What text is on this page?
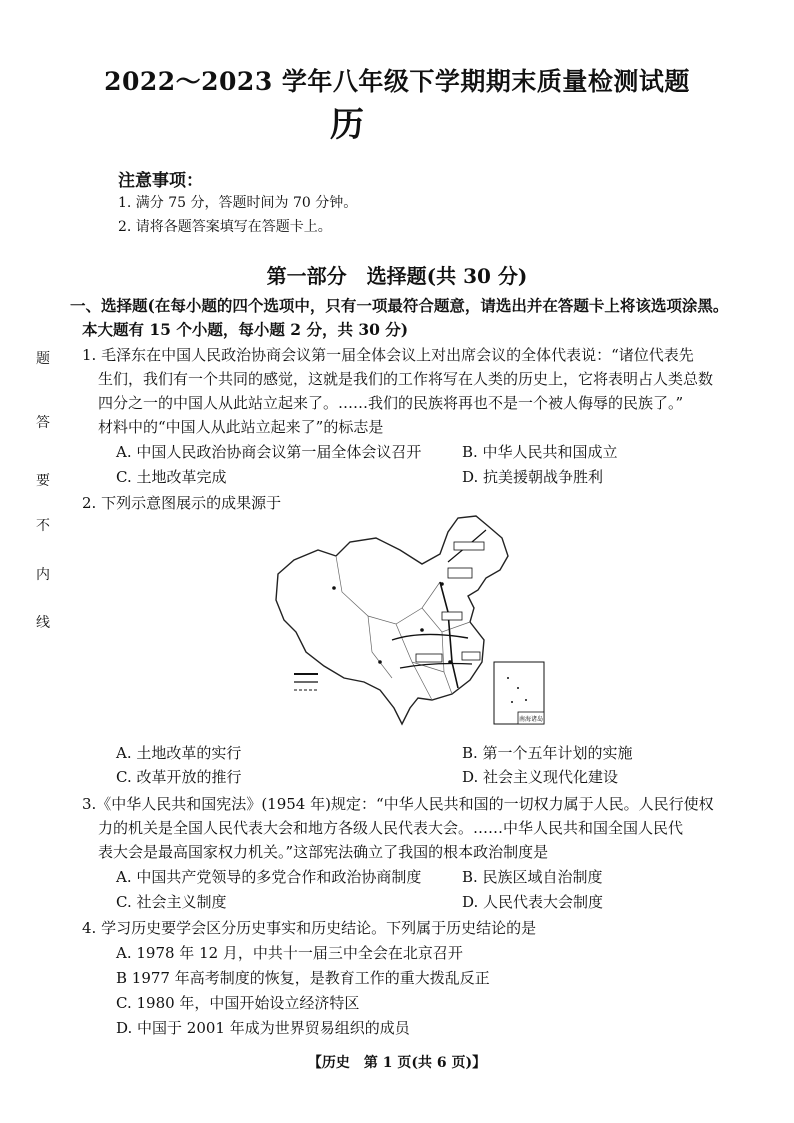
2022～2023 学年八年级下学期期末质量检测试题
历
注意事项：
1. 满分 75 分，答题时间为 70 分钟。
2. 请将各题答案填写在答题卡上。
第一部分　选择题(共 30 分)
一、选择题(在每小题的四个选项中，只有一项最符合题意，请选出并在答题卡上将该选项涂黑。
本大题有 15 个小题，每小题 2 分，共 30 分)
题
答
要
不
内
线
1. 毛泽东在中国人民政治协商会议第一届全体会议上对出席会议的全体代表说：“诸位代表先
生们，我们有一个共同的感觉，这就是我们的工作将写在人类的历史上，它将表明占人类总数
四分之一的中国人从此站立起来了。……我们的民族将再也不是一个被人侮辱的民族了。”
材料中的“中国人从此站立起来了”的标志是
A. 中国人民政治协商会议第一届全体会议召开	B. 中华人民共和国成立
C. 土地改革完成	D. 抗美援朝战争胜利
2. 下列示意图展示的成果源于
南海诸岛
A. 土地改革的实行	B. 第一个五年计划的实施
C. 改革开放的推行	D. 社会主义现代化建设
3.《中华人民共和国宪法》(1954 年)规定：“中华人民共和国的一切权力属于人民。人民行使权
力的机关是全国人民代表大会和地方各级人民代表大会。……中华人民共和国全国人民代
表大会是最高国家权力机关。”这部宪法确立了我国的根本政治制度是
A. 中国共产党领导的多党合作和政治协商制度	B. 民族区域自治制度
C. 社会主义制度	D. 人民代表大会制度
4. 学习历史要学会区分历史事实和历史结论。下列属于历史结论的是
A. 1978 年 12 月，中共十一届三中全会在北京召开
B 1977 年高考制度的恢复，是教育工作的重大拨乱反正
C. 1980 年，中国开始设立经济特区
D. 中国于 2001 年成为世界贸易组织的成员
【历史　第 1 页(共 6 页)】
